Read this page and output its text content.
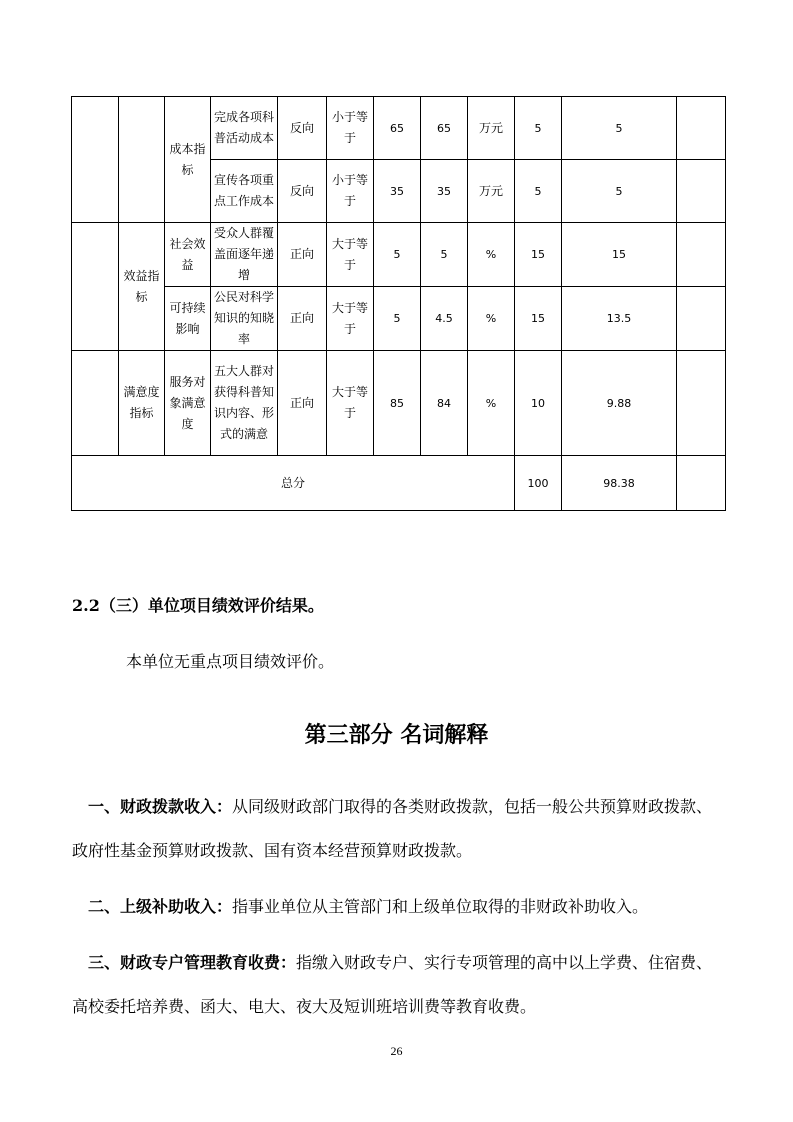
		成本指标	完成各项科普活动成本	反向	小于等于	65	65	万元	5	5	
			宣传各项重点工作成本	反向	小于等于	35	35	万元	5	5	
	效益指标	社会效益	受众人群覆盖面逐年递增	正向	大于等于	5	5	%	15	15	
		可持续影响	公民对科学知识的知晓率	正向	大于等于	5	4.5	%	15	13.5	
	满意度指标	服务对象满意度	五大人群对获得科普知识内容、形式的满意	正向	大于等于	85	84	%	10	9.88	
总分									100	98.38	
2.2（三）单位项目绩效评价结果。
本单位无重点项目绩效评价。
第三部分 名词解释
一、财政拨款收入：从同级财政部门取得的各类财政拨款，包括一般公共预算财政拨款、政府性基金预算财政拨款、国有资本经营预算财政拨款。
二、上级补助收入：指事业单位从主管部门和上级单位取得的非财政补助收入。
三、财政专户管理教育收费：指缴入财政专户、实行专项管理的高中以上学费、住宿费、高校委托培养费、函大、电大、夜大及短训班培训费等教育收费。
26
